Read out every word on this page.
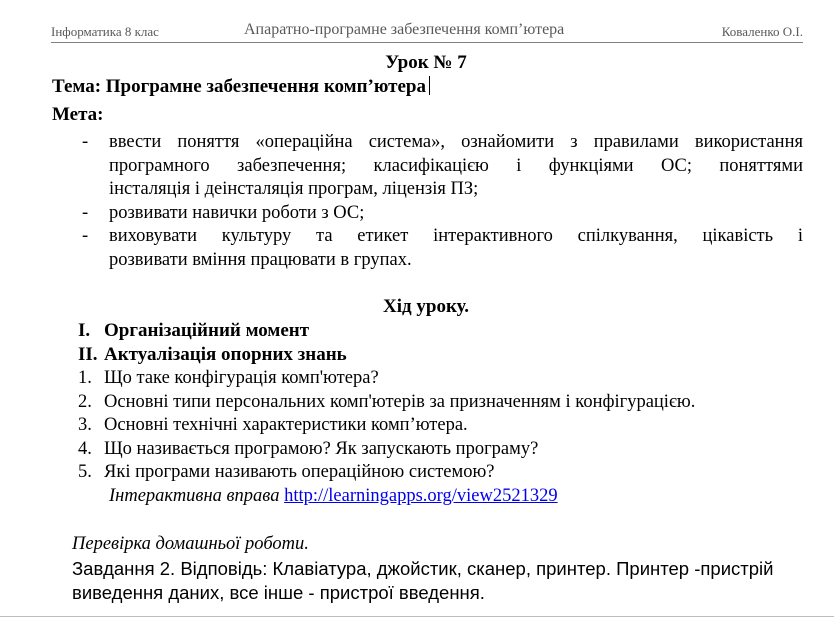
Інформатика 8 клас	Апаратно-програмне забезпечення комп’ютера	Коваленко О.І.
Урок № 7
Тема: Програмне забезпечення комп’ютера
Мета:
- ввести поняття «операційна система», ознайомити з правилами використання
програмного забезпечення; класифікацією і функціями ОС; поняттями
інсталяція і деінсталяція програм, ліцензія ПЗ;
- розвивати навички роботи з ОС;
- виховувати культуру та етикет інтерактивного спілкування, цікавість і
розвивати вміння працювати в групах.
Хід уроку.
I. Організаційний момент
II. Актуалізація опорних знань
1. Що таке конфігурація комп'ютера?
2. Основні типи персональних комп'ютерів за призначенням і конфігурацією.
3. Основні технічні характеристики комп’ютера.
4. Що називається програмою? Як запускають програму?
5. Які програми називають операційною системою?
Інтерактивна вправа http://learningapps.org/view2521329
Перевірка домашньої роботи.
Завдання 2. Відповідь: Клавіатура, джойстик, сканер, принтер. Принтер -пристрій
виведення даних, все інше - пристрої введення.
